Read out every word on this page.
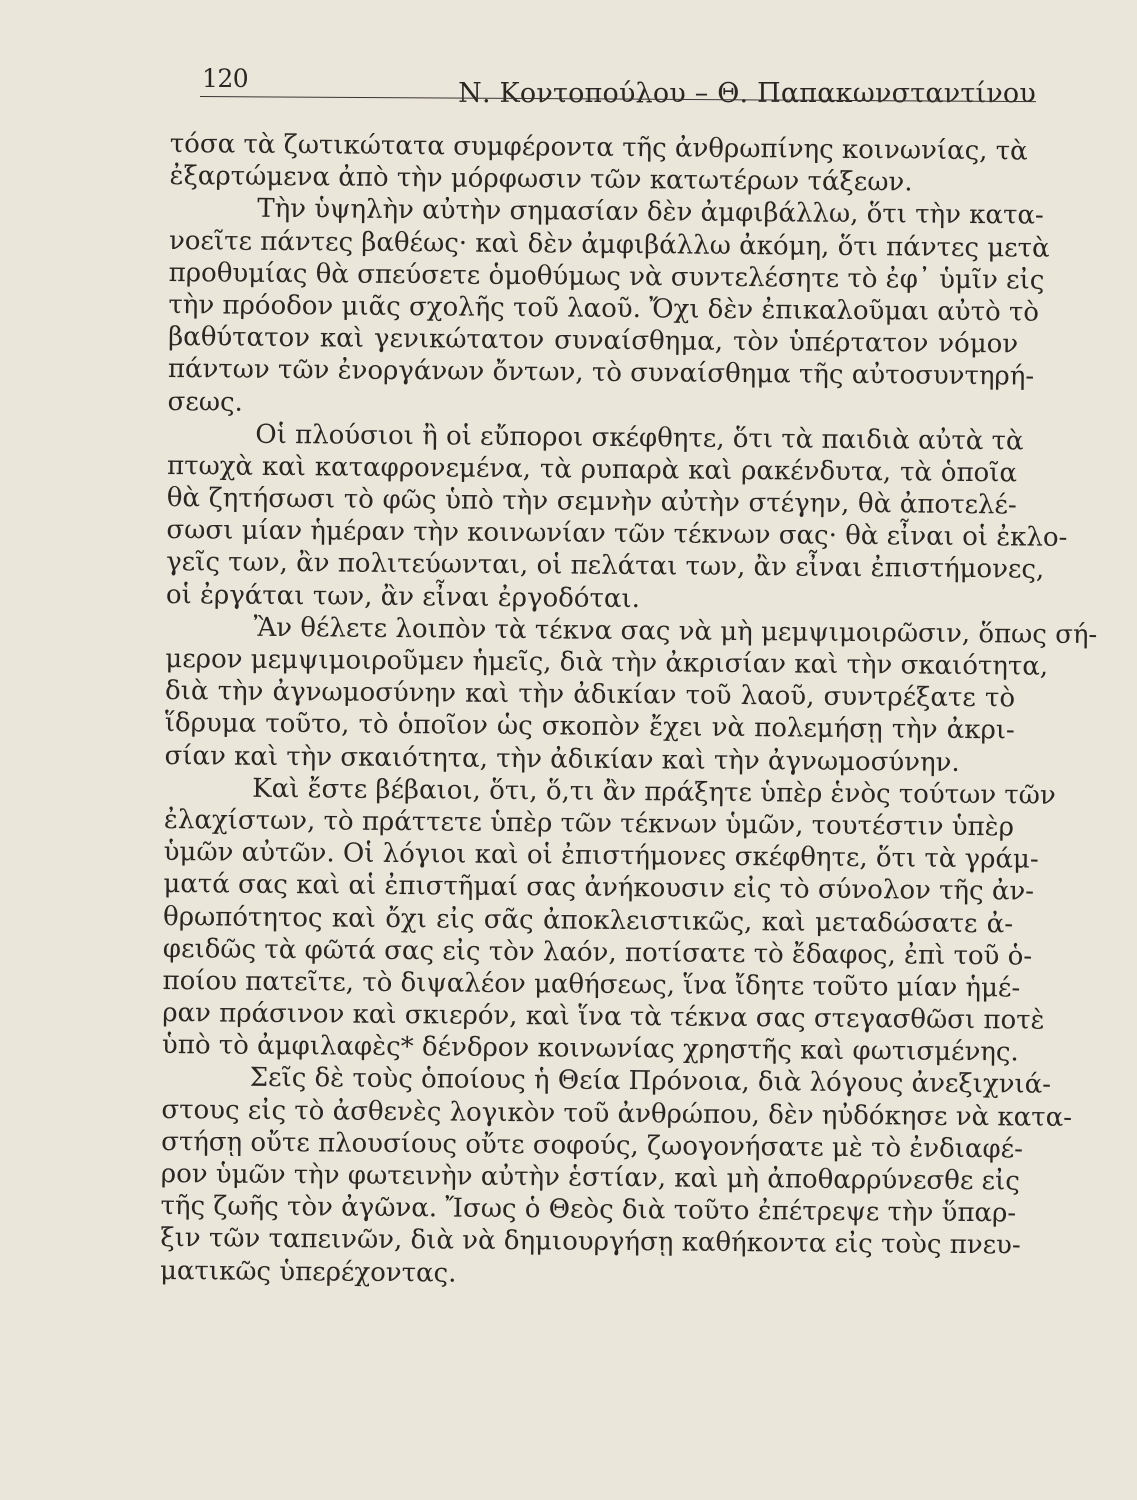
120	Ν. Κοντοπούλου – Θ. Παπακωνσταντίνου
τόσα τὰ ζωτικώτατα συμφέροντα τῆς ἀνθρωπίνης κοινωνίας, τὰ
ἐξαρτώμενα ἀπὸ τὴν μόρφωσιν τῶν κατωτέρων τάξεων.
Τὴν ὑψηλὴν αὐτὴν σημασίαν δὲν ἀμφιβάλλω, ὅτι τὴν κατα-
νοεῖτε πάντες βαθέως· καὶ δὲν ἀμφιβάλλω ἀκόμη, ὅτι πάντες μετὰ
προθυμίας θὰ σπεύσετε ὁμοθύμως νὰ συντελέσητε τὸ ἐφ᾽ ὑμῖν εἰς
τὴν πρόοδον μιᾶς σχολῆς τοῦ λαοῦ. Ὄχι δὲν ἐπικαλοῦμαι αὐτὸ τὸ
βαθύτατον καὶ γενικώτατον συναίσθημα, τὸν ὑπέρτατον νόμον
πάντων τῶν ἐνοργάνων ὄντων, τὸ συναίσθημα τῆς αὐτοσυντηρή-
σεως.
Οἱ πλούσιοι ἢ οἱ εὔποροι σκέφθητε, ὅτι τὰ παιδιὰ αὐτὰ τὰ
πτωχὰ καὶ καταφρονεμένα, τὰ ρυπαρὰ καὶ ρακένδυτα, τὰ ὁποῖα
θὰ ζητήσωσι τὸ φῶς ὑπὸ τὴν σεμνὴν αὐτὴν στέγην, θὰ ἀποτελέ-
σωσι μίαν ἡμέραν τὴν κοινωνίαν τῶν τέκνων σας· θὰ εἶναι οἱ ἐκλο-
γεῖς των, ἂν πολιτεύωνται, οἱ πελάται των, ἂν εἶναι ἐπιστήμονες,
οἱ ἐργάται των, ἂν εἶναι ἐργοδόται.
Ἂν θέλετε λοιπὸν τὰ τέκνα σας νὰ μὴ μεμψιμοιρῶσιν, ὅπως σή-
μερον μεμψιμοιροῦμεν ἡμεῖς, διὰ τὴν ἀκρισίαν καὶ τὴν σκαιότητα,
διὰ τὴν ἀγνωμοσύνην καὶ τὴν ἀδικίαν τοῦ λαοῦ, συντρέξατε τὸ
ἵδρυμα τοῦτο, τὸ ὁποῖον ὡς σκοπὸν ἔχει νὰ πολεμήσῃ τὴν ἀκρι-
σίαν καὶ τὴν σκαιότητα, τὴν ἀδικίαν καὶ τὴν ἀγνωμοσύνην.
Καὶ ἔστε βέβαιοι, ὅτι, ὅ,τι ἂν πράξητε ὑπὲρ ἑνὸς τούτων τῶν
ἐλαχίστων, τὸ πράττετε ὑπὲρ τῶν τέκνων ὑμῶν, τουτέστιν ὑπὲρ
ὑμῶν αὐτῶν. Οἱ λόγιοι καὶ οἱ ἐπιστήμονες σκέφθητε, ὅτι τὰ γράμ-
ματά σας καὶ αἱ ἐπιστῆμαί σας ἀνήκουσιν εἰς τὸ σύνολον τῆς ἀν-
θρωπότητος καὶ ὄχι εἰς σᾶς ἀποκλειστικῶς, καὶ μεταδώσατε ἀ-
φειδῶς τὰ φῶτά σας εἰς τὸν λαόν, ποτίσατε τὸ ἔδαφος, ἐπὶ τοῦ ὁ-
ποίου πατεῖτε, τὸ διψαλέον μαθήσεως, ἵνα ἴδητε τοῦτο μίαν ἡμέ-
ραν πράσινον καὶ σκιερόν, καὶ ἵνα τὰ τέκνα σας στεγασθῶσι ποτὲ
ὑπὸ τὸ ἀμφιλαφὲς* δένδρον κοινωνίας χρηστῆς καὶ φωτισμένης.
Σεῖς δὲ τοὺς ὁποίους ἡ Θεία Πρόνοια, διὰ λόγους ἀνεξιχνιά-
στους εἰς τὸ ἀσθενὲς λογικὸν τοῦ ἀνθρώπου, δὲν ηὐδόκησε νὰ κατα-
στήσῃ οὔτε πλουσίους οὔτε σοφούς, ζωογονήσατε μὲ τὸ ἐνδιαφέ-
ρον ὑμῶν τὴν φωτεινὴν αὐτὴν ἑστίαν, καὶ μὴ ἀποθαρρύνεσθε εἰς
τῆς ζωῆς τὸν ἀγῶνα. Ἴσως ὁ Θεὸς διὰ τοῦτο ἐπέτρεψε τὴν ὕπαρ-
ξιν τῶν ταπεινῶν, διὰ νὰ δημιουργήσῃ καθήκοντα εἰς τοὺς πνευ-
ματικῶς ὑπερέχοντας.
